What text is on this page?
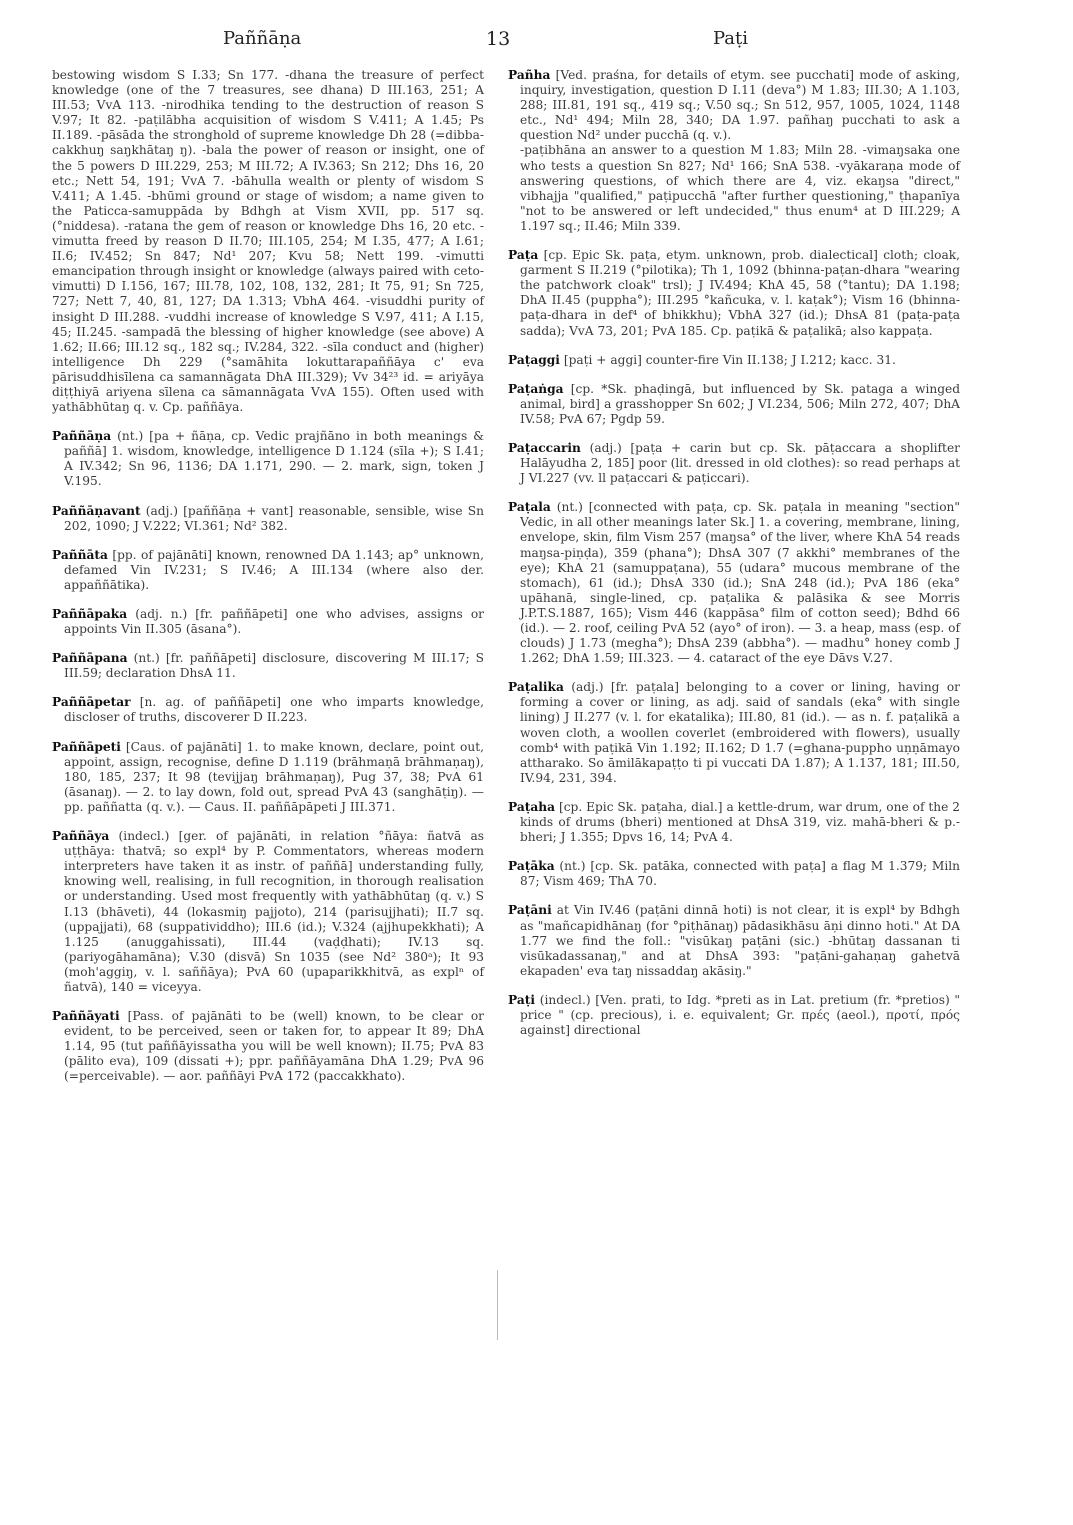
Paññāṇa	13	Paṭi
bestowing wisdom S I.33; Sn 177. -dhana the treasure of perfect knowledge (one of the 7 treasures, see dhana) D III.163, 251; A III.53; VvA 113. -nirodhika tending to the destruction of reason S V.97; It 82. -paṭilābha acquisition of wisdom S V.411; A 1.45; Ps II.189. -pāsāda the stronghold of supreme knowledge Dh 28 (=dibba-cakkhuŋ saŋkhātaŋ ŋ). -bala the power of reason or insight, one of the 5 powers D III.229, 253; M III.72; A IV.363; Sn 212; Dhs 16, 20 etc.; Nett 54, 191; VvA 7. -bāhulla wealth or plenty of wisdom S V.411; A 1.45. -bhūmi ground or stage of wisdom; a name given to the Paticca-samuppāda by Bdhgh at Vism XVII, pp. 517 sq. (°niddesa). -ratana the gem of reason or knowledge Dhs 16, 20 etc. -vimutta freed by reason D II.70; III.105, 254; M I.35, 477; A I.61; II.6; IV.452; Sn 847; Nd¹ 207; Kvu 58; Nett 199. -vimutti emancipation through insight or knowledge (always paired with ceto-vimutti) D I.156, 167; III.78, 102, 108, 132, 281; It 75, 91; Sn 725, 727; Nett 7, 40, 81, 127; DA 1.313; VbhA 464. -visuddhi purity of insight D III.288. -vuddhi increase of knowledge S V.97, 411; A I.15, 45; II.245. -sampadā the blessing of higher knowledge (see above) A 1.62; II.66; III.12 sq., 182 sq.; IV.284, 322. -sīla conduct and (higher) intelligence Dh 229 (°samāhita lokuttarapaññāya c' eva pārisuddhisīlena ca samannāgata DhA III.329); Vv 34²³ id. = ariyāya diṭṭhiyā ariyena sīlena ca sāmannāgata VvA 155). Often used with yathābhūtaŋ q. v. Cp. paññāya.
Paññāṇa (nt.) [pa + ñāṇa, cp. Vedic prajñāno in both meanings & paññā] 1. wisdom, knowledge, intelligence D 1.124 (sīla +); S I.41; A IV.342; Sn 96, 1136; DA 1.171, 290. — 2. mark, sign, token J V.195.
Paññāṇavant (adj.) [paññāṇa + vant] reasonable, sensible, wise Sn 202, 1090; J V.222; VI.361; Nd² 382.
Paññāta [pp. of pajānāti] known, renowned DA 1.143; ap° unknown, defamed Vin IV.231; S IV.46; A III.134 (where also der. appaññātika).
Paññāpaka (adj. n.) [fr. paññāpeti] one who advises, assigns or appoints Vin II.305 (āsana°).
Paññāpana (nt.) [fr. paññāpeti] disclosure, discovering M III.17; S III.59; declaration DhsA 11.
Paññāpetar [n. ag. of paññāpeti] one who imparts knowledge, discloser of truths, discoverer D II.223.
Paññāpeti [Caus. of pajānāti] 1. to make known, declare, point out, appoint, assign, recognise, define D 1.119 (brāhmaṇā brāhmaṇaŋ), 180, 185, 237; It 98 (tevijjaŋ brāhmaṇaŋ), Pug 37, 38; PvA 61 (āsanaŋ). — 2. to lay down, fold out, spread PvA 43 (sanghāṭiŋ). — pp. paññatta (q. v.). — Caus. II. paññāpāpeti J III.371.
Paññāya (indecl.) [ger. of pajānāti, in relation °ñāya: ñatvā as uṭṭhāya: thatvā; so expl⁴ by P. Commentators, whereas modern interpreters have taken it as instr. of paññā] understanding fully, knowing well, realising, in full recognition, in thorough realisation or understanding. Used most frequently with yathābhūtaŋ (q. v.) S I.13 (bhāveti), 44 (lokasmiŋ pajjoto), 214 (parisujjhati); II.7 sq. (uppajjati), 68 (suppatividdho); III.6 (id.); V.324 (ajjhupekkhati); A 1.125 (anuggahissati), III.44 (vaḍḍhati); IV.13 sq. (pariyogāhamāna); V.30 (disvā) Sn 1035 (see Nd² 380ᵃ); It 93 (moh'aggiŋ, v. l. saññāya); PvA 60 (upaparikkhitvā, as explⁿ of ñatvā), 140 = viceyya.
Paññāyati [Pass. of pajānāti to be (well) known, to be clear or evident, to be perceived, seen or taken for, to appear It 89; DhA 1.14, 95 (tut paññāyissatha you will be well known); II.75; PvA 83 (pālito eva), 109 (dissati +); ppr. paññāyamāna DhA 1.29; PvA 96 (=perceivable). — aor. paññāyi PvA 172 (paccakkhato).
Pañha [Ved. praśna, for details of etym. see pucchati] mode of asking, inquiry, investigation, question D I.11 (deva°) M 1.83; III.30; A 1.103, 288; III.81, 191 sq., 419 sq.; V.50 sq.; Sn 512, 957, 1005, 1024, 1148 etc., Nd¹ 494; Miln 28, 340; DA 1.97. pañhaŋ pucchati to ask a question Nd² under pucchā (q. v.).

-paṭibhāna an answer to a question M 1.83; Miln 28. -vimaŋsaka one who tests a question Sn 827; Nd¹ 166; SnA 538. -vyākaraṇa mode of answering questions, of which there are 4, viz. ekaŋsa "direct," vibhajja "qualified," paṭipucchā "after further questioning," ṭhapanīya "not to be answered or left undecided," thus enum⁴ at D III.229; A 1.197 sq.; II.46; Miln 339.

Paṭa [cp. Epic Sk. paṭa, etym. unknown, prob. dialectical] cloth; cloak, garment S II.219 (°pilotika); Th 1, 1092 (bhinna-paṭan-dhara "wearing the patchwork cloak" trsl); J IV.494; KhA 45, 58 (°tantu); DA 1.198; DhA II.45 (puppha°); III.295 °kañcuka, v. l. kaṭak°); Vism 16 (bhinna-paṭa-dhara in def⁴ of bhikkhu); VbhA 327 (id.); DhsA 81 (paṭa-paṭa sadda); VvA 73, 201; PvA 185. Cp. paṭikā & paṭalikā; also kappaṭa.
Paṭaggi [paṭi + aggi] counter-fire Vin II.138; J I.212; kacc. 31.
Paṭaṅga [cp. *Sk. phaḍingā, but influenced by Sk. pataga a winged animal, bird] a grasshopper Sn 602; J VI.234, 506; Miln 272, 407; DhA IV.58; PvA 67; Pgdp 59.
Paṭaccarin (adj.) [paṭa + carin but cp. Sk. pāṭaccara a shoplifter Halāyudha 2, 185] poor (lit. dressed in old clothes): so read perhaps at J VI.227 (vv. ll paṭaccari & paṭiccari).
Paṭala (nt.) [connected with paṭa, cp. Sk. paṭala in meaning "section" Vedic, in all other meanings later Sk.] 1. a covering, membrane, lining, envelope, skin, film Vism 257 (maŋsa° of the liver, where KhA 54 reads maŋsa-piṇḍa), 359 (phana°); DhsA 307 (7 akkhi° membranes of the eye); KhA 21 (samuppaṭana), 55 (udara° mucous membrane of the stomach), 61 (id.); DhsA 330 (id.); SnA 248 (id.); PvA 186 (eka° upāhanā, single-lined, cp. paṭalika & palāsika & see Morris J.P.T.S.1887, 165); Vism 446 (kappāsa° film of cotton seed); Bdhd 66 (id.). — 2. roof, ceiling PvA 52 (ayo° of iron). — 3. a heap, mass (esp. of clouds) J 1.73 (megha°); DhsA 239 (abbha°). — madhu° honey comb J 1.262; DhA 1.59; III.323. — 4. cataract of the eye Dāvs V.27.
Paṭalika (adj.) [fr. paṭala] belonging to a cover or lining, having or forming a cover or lining, as adj. said of sandals (eka° with single lining) J II.277 (v. l. for ekatalika); III.80, 81 (id.). — as n. f. paṭalikā a woven cloth, a woollen coverlet (embroidered with flowers), usually comb⁴ with paṭikā Vin 1.192; II.162; D 1.7 (=ghana-puppho uṇṇāmayo attharako. So āmilākapaṭṭo ti pi vuccati DA 1.87); A 1.137, 181; III.50, IV.94, 231, 394.
Paṭaha [cp. Epic Sk. paṭaha, dial.] a kettle-drum, war drum, one of the 2 kinds of drums (bheri) mentioned at DhsA 319, viz. mahā-bheri & p.-bheri; J 1.355; Dpvs 16, 14; PvA 4.
Paṭāka (nt.) [cp. Sk. patāka, connected with paṭa] a flag M 1.379; Miln 87; Vism 469; ThA 70.
Paṭāni at Vin IV.46 (paṭāni dinnā hoti) is not clear, it is expl⁴ by Bdhgh as "mañcapidhānaŋ (for °piṭhānaŋ) pādasikhāsu āṇi dinno hoti." At DA 1.77 we find the foll.: "visūkaŋ paṭāni (sic.) -bhūtaŋ dassanan ti visūkadassanaŋ," and at DhsA 393: "paṭāni-gahaṇaŋ gahetvā ekapaden' eva taŋ nissaddaŋ akāsiŋ."
Paṭi (indecl.) [Ven. prati, to Idg. *preti as in Lat. pretium (fr. *pretios) " price " (cp. precious), i. e. equivalent; Gr. πρές (aeol.), προτί, πρός against] directional
